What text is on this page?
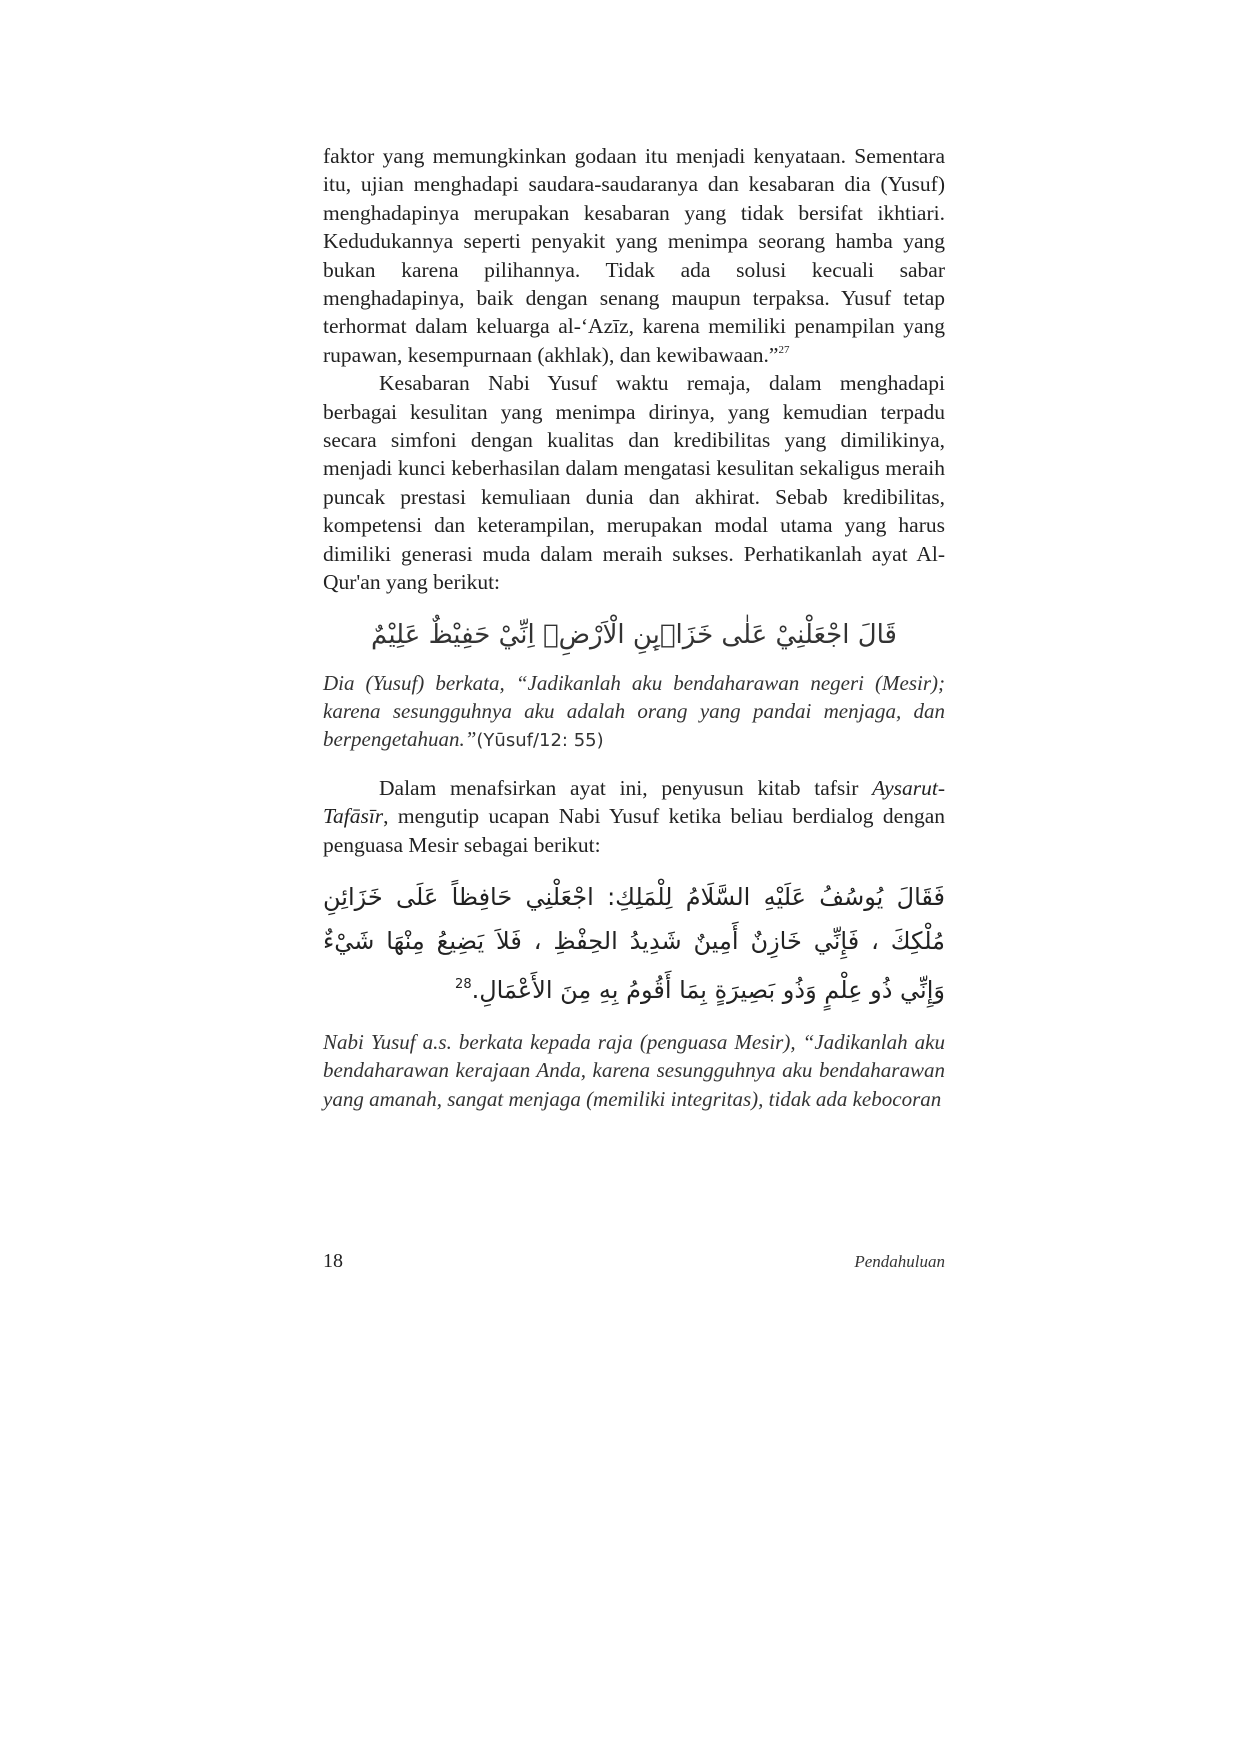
faktor yang memungkinkan godaan itu menjadi kenyataan. Sementara itu, ujian menghadapi saudara-saudaranya dan kesabaran dia (Yusuf) menghadapinya merupakan kesabaran yang tidak bersifat ikhtiari. Kedudukannya seperti penyakit yang menimpa seorang hamba yang bukan karena pilihannya. Tidak ada solusi kecuali sabar menghadapinya, baik dengan senang maupun terpaksa. Yusuf tetap terhormat dalam keluarga al-‘Azīz, karena memiliki penampilan yang rupawan, kesempurnaan (akhlak), dan kewibawaan.”$^{27}$

Kesabaran Nabi Yusuf waktu remaja, dalam menghadapi berbagai kesulitan yang menimpa dirinya, yang kemudian terpadu secara simfoni dengan kualitas dan kredibilitas yang dimilikinya, menjadi kunci keberhasilan dalam mengatasi kesulitan sekaligus meraih puncak prestasi kemuliaan dunia dan akhirat. Sebab kredibilitas, kompetensi dan keterampilan, merupakan modal utama yang harus dimiliki generasi muda dalam meraih sukses. Perhatikanlah ayat Al-Qur'an yang berikut:

قَالَ اجْعَلْنِيْ عَلٰى خَزَاۤىِٕنِ الْاَرْضِۚ اِنِّيْ حَفِيْظٌ عَلِيْمٌ

Dia (Yusuf) berkata, “Jadikanlah aku bendaharawan negeri (Mesir); karena sesungguhnya aku adalah orang yang pandai menjaga, dan berpengetahuan.”(Yūsuf/12: 55)

Dalam menafsirkan ayat ini, penyusun kitab tafsir Aysarut-Tafāsīr, mengutip ucapan Nabi Yusuf ketika beliau berdialog dengan penguasa Mesir sebagai berikut:

فَقَالَ يُوسُفُ عَلَيْهِ السَّلَامُ لِلْمَلِكِ: اجْعَلْنِي حَافِظاً عَلَى خَزَائِنِ مُلْكِكَ ، فَإِنِّي خَازِنٌ أَمِينٌ شَدِيدُ الحِفْظِ ، فَلاَ يَضِيعُ مِنْهَا شَيْءٌ وَإِنِّي ذُو عِلْمٍ وَذُو بَصِيرَةٍ بِمَا أَقُومُ بِهِ مِنَ الأَعْمَالِ.$^{28}$

Nabi Yusuf a.s. berkata kepada raja (penguasa Mesir), “Jadikanlah aku bendaharawan kerajaan Anda, karena sesungguhnya aku bendaharawan yang amanah, sangat menjaga (memiliki integritas), tidak ada kebocoran

18	Pendahuluan
